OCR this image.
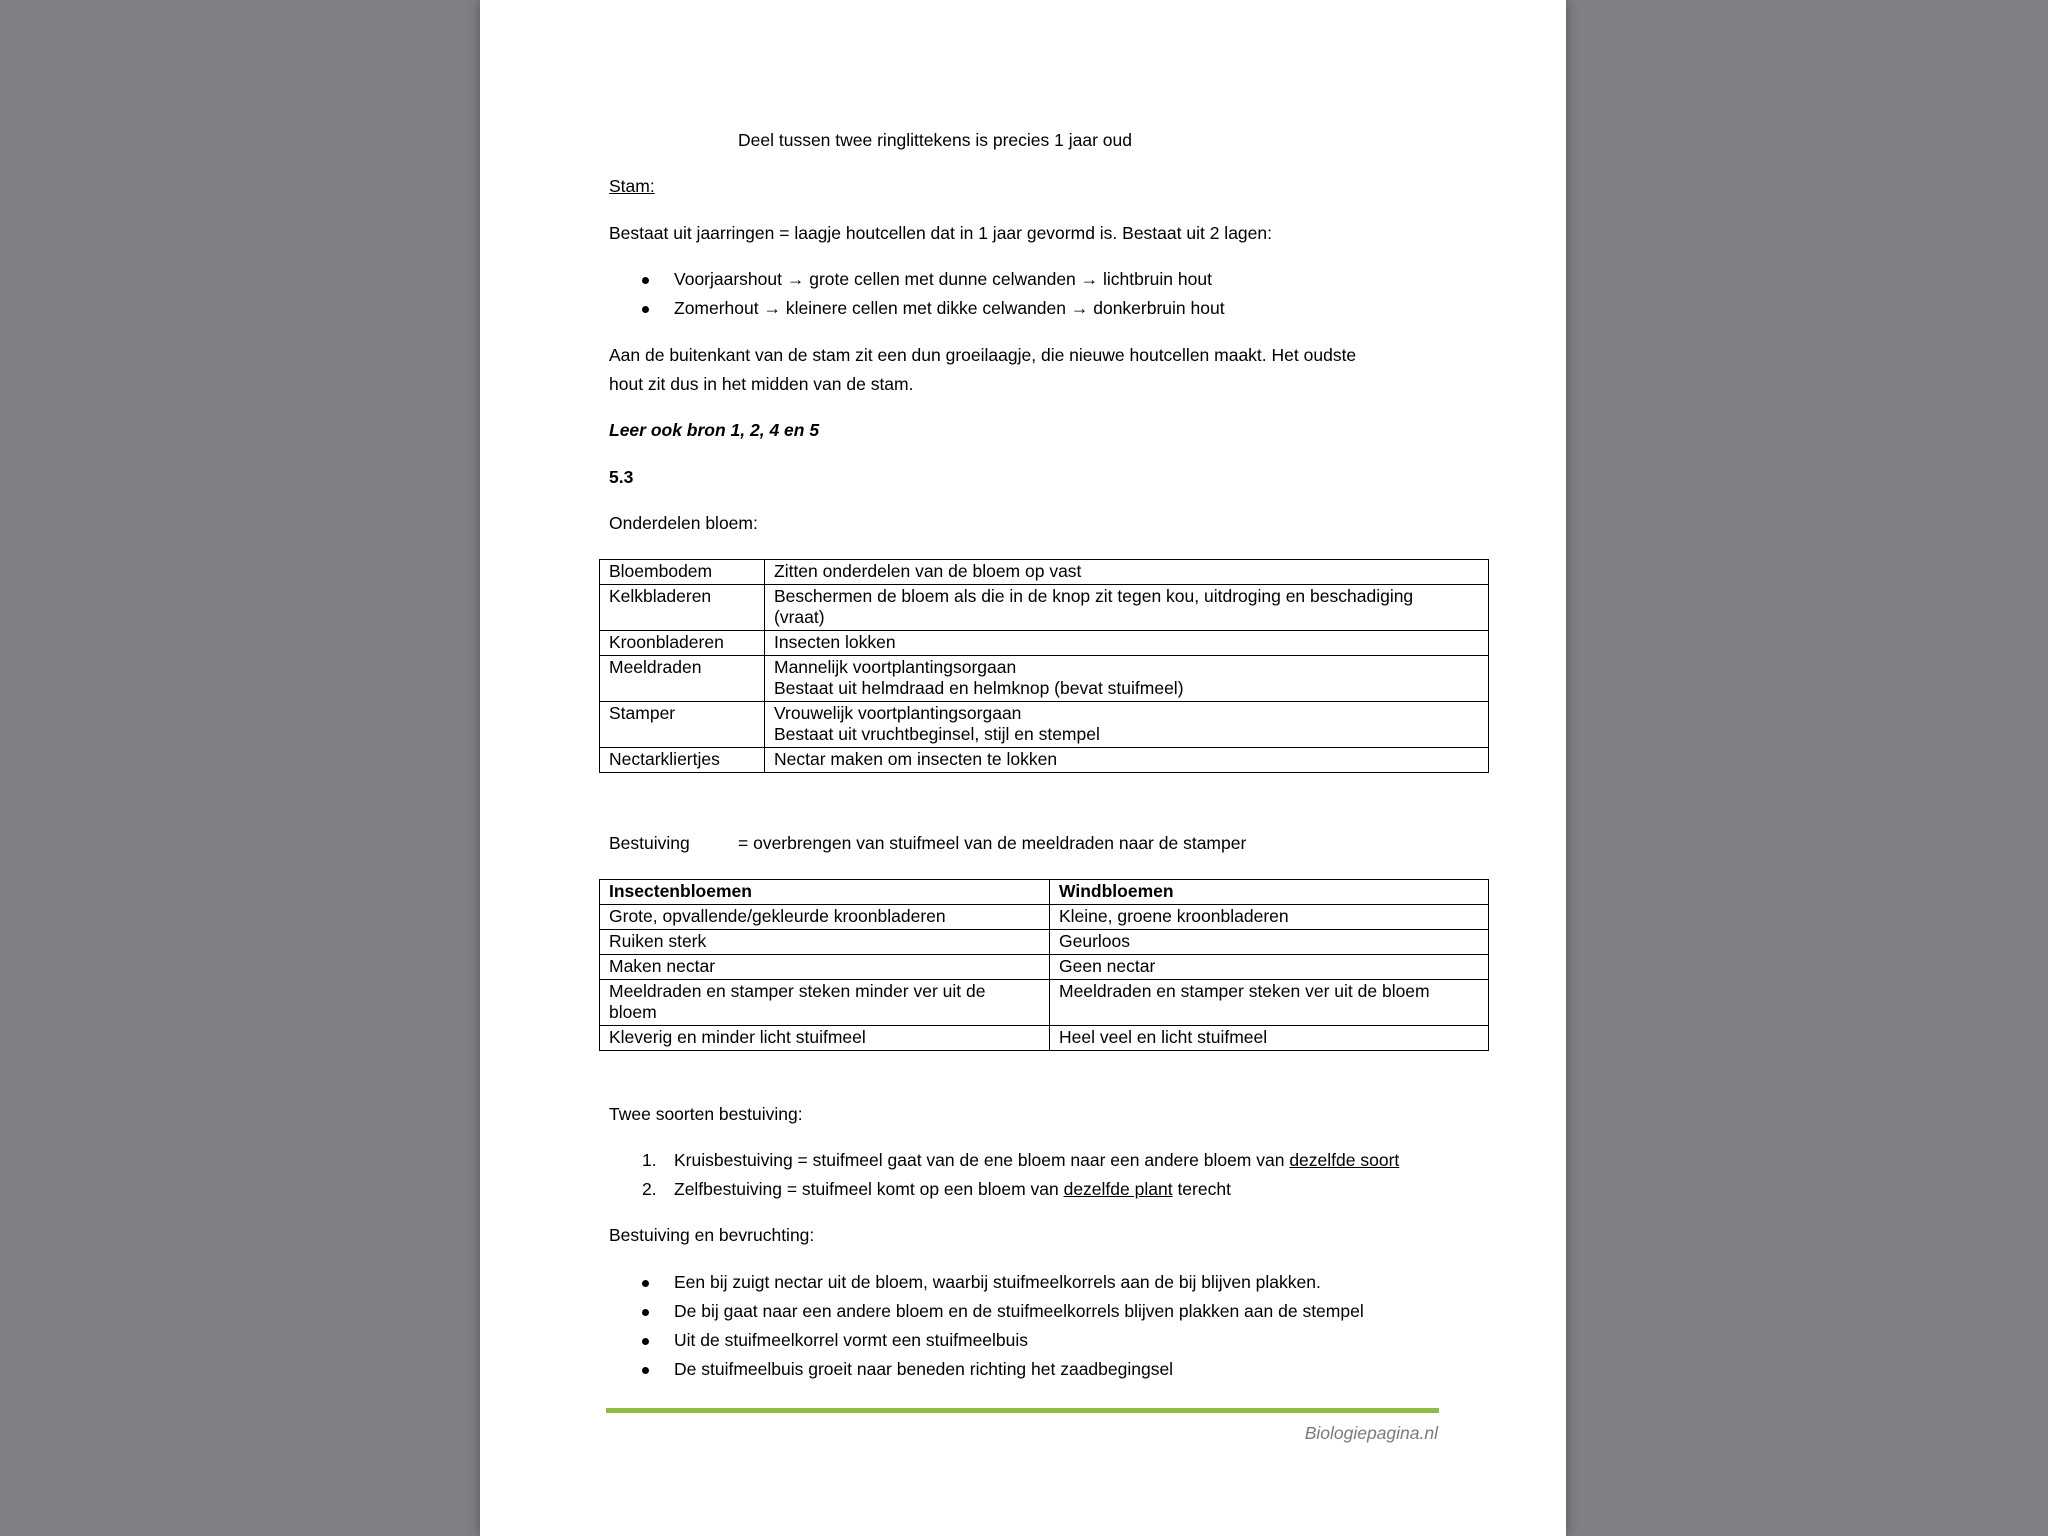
Deel tussen twee ringlittekens is precies 1 jaar oud
Stam:
Bestaat uit jaarringen = laagje houtcellen dat in 1 jaar gevormd is. Bestaat uit 2 lagen:
Voorjaarshout → grote cellen met dunne celwanden → lichtbruin hout
Zomerhout → kleinere cellen met dikke celwanden → donkerbruin hout
Aan de buitenkant van de stam zit een dun groeilaagje, die nieuwe houtcellen maakt. Het oudste
hout zit dus in het midden van de stam.
Leer ook bron 1, 2, 4 en 5
5.3
Onderdelen bloem:
Bloembodem	Zitten onderdelen van de bloem op vast

Kelkbladeren	Beschermen de bloem als die in de knop zit tegen kou, uitdroging en beschadiging
(vraat)

Kroonbladeren	Insecten lokken

Meeldraden	Mannelijk voortplantingsorgaan
Bestaat uit helmdraad en helmknop (bevat stuifmeel)

Stamper	Vrouwelijk voortplantingsorgaan
Bestaat uit vruchtbeginsel, stijl en stempel

Nectarkliertjes	Nectar maken om insecten te lokken
Bestuiving	= overbrengen van stuifmeel van de meeldraden naar de stamper
Insectenbloemen	Windbloemen

Grote, opvallende/gekleurde kroonbladeren	Kleine, groene kroonbladeren

Ruiken sterk	Geurloos

Maken nectar	Geen nectar

Meeldraden en stamper steken minder ver uit de
bloem	Meeldraden en stamper steken ver uit de bloem

Kleverig en minder licht stuifmeel	Heel veel en licht stuifmeel
Twee soorten bestuiving:
1. Kruisbestuiving = stuifmeel gaat van de ene bloem naar een andere bloem van dezelfde soort
2. Zelfbestuiving = stuifmeel komt op een bloem van dezelfde plant terecht
Bestuiving en bevruchting:
Een bij zuigt nectar uit de bloem, waarbij stuifmeelkorrels aan de bij blijven plakken.
De bij gaat naar een andere bloem en de stuifmeelkorrels blijven plakken aan de stempel
Uit de stuifmeelkorrel vormt een stuifmeelbuis
De stuifmeelbuis groeit naar beneden richting het zaadbegingsel
Biologiepagina.nl
